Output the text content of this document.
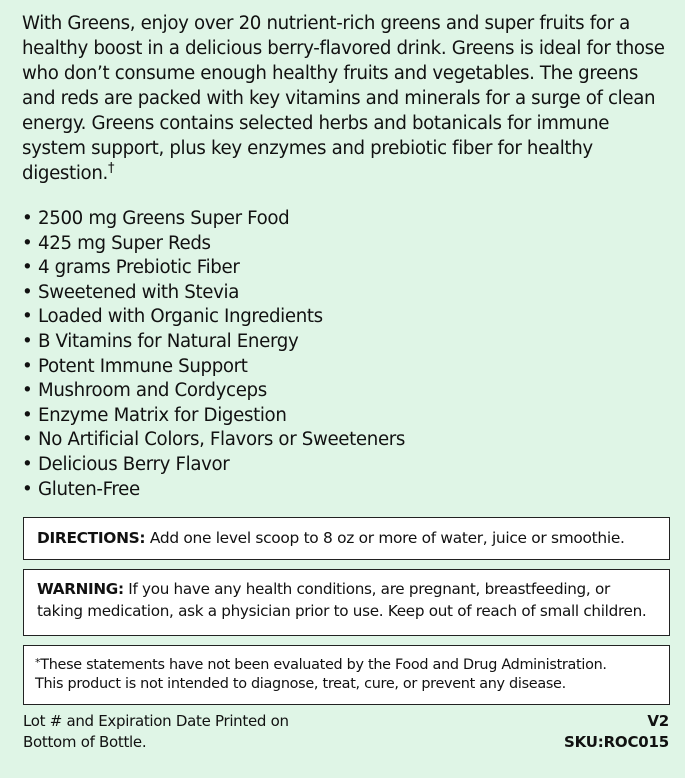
With Greens, enjoy over 20 nutrient-rich greens and super fruits for a healthy boost in a delicious berry-flavored drink. Greens is ideal for those who don’t consume enough healthy fruits and vegetables. The greens and reds are packed with key vitamins and minerals for a surge of clean energy. Greens contains selected herbs and botanicals for immune system support, plus key enzymes and prebiotic fiber for healthy digestion.†

• 2500 mg Greens Super Food
• 425 mg Super Reds
• 4 grams Prebiotic Fiber
• Sweetened with Stevia
• Loaded with Organic Ingredients
• B Vitamins for Natural Energy
• Potent Immune Support
• Mushroom and Cordyceps
• Enzyme Matrix for Digestion
• No Artificial Colors, Flavors or Sweeteners
• Delicious Berry Flavor
• Gluten-Free
DIRECTIONS: Add one level scoop to 8 oz or more of water, juice or smoothie.
WARNING: If you have any health conditions, are pregnant, breastfeeding, or taking medication, ask a physician prior to use. Keep out of reach of small children.
*These statements have not been evaluated by the Food and Drug Administration.
This product is not intended to diagnose, treat, cure, or prevent any disease.
Lot # and Expiration Date Printed on
Bottom of Bottle.
V2
SKU:ROC015
